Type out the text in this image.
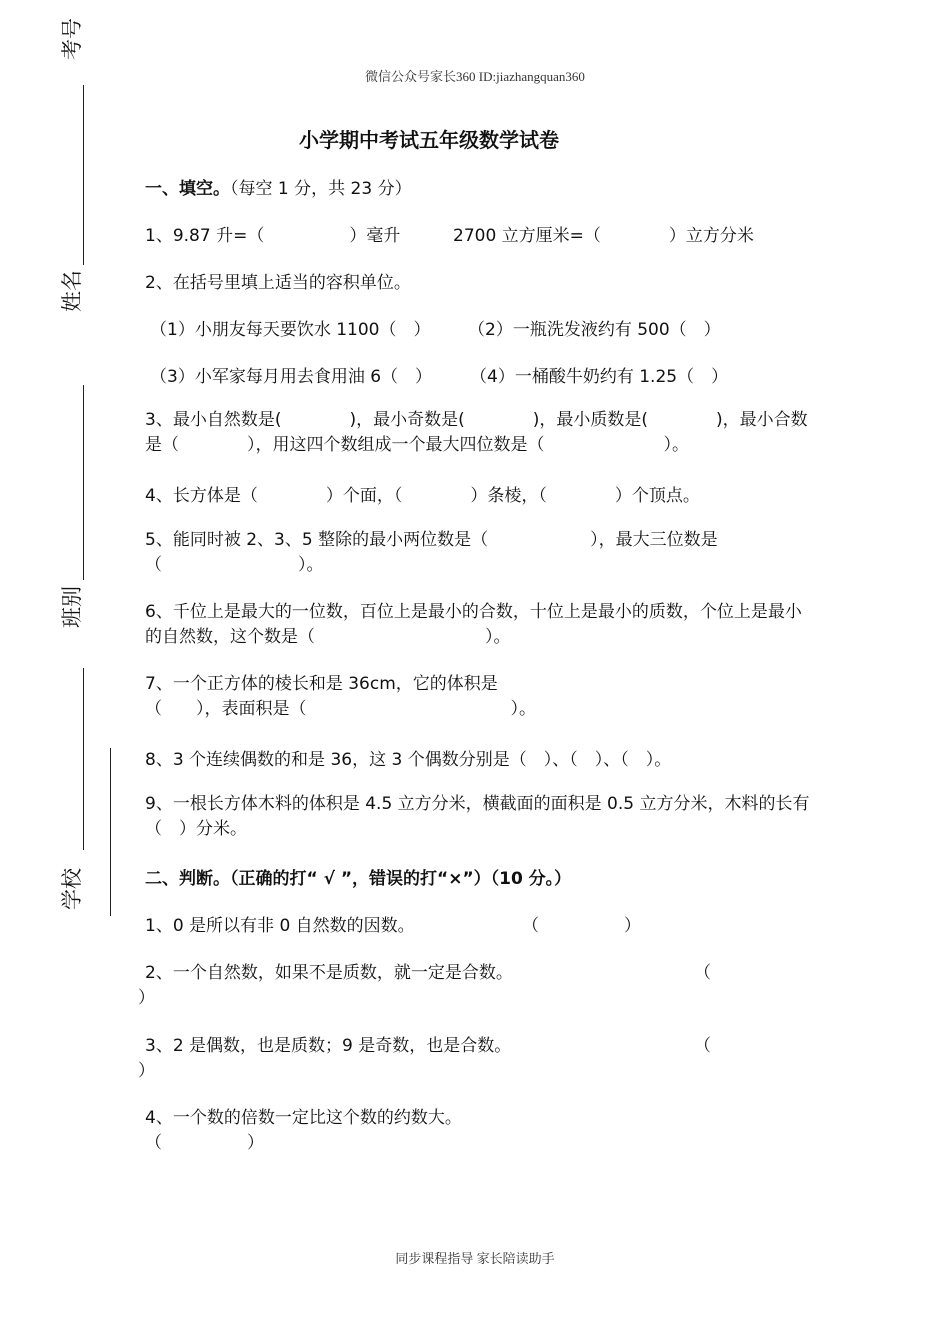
考号
姓名
班别
学校
微信公众号家长360 ID:jiazhangquan360
同步课程指导 家长陪读助手
小学期中考试五年级数学试卷
一、填空。（每空 1 分，共 23 分）
1、9.87 升=（　　　　　）毫升	2700 立方厘米=（　　　　）立方分米
2、在括号里填上适当的容积单位。
（1）小朋友每天要饮水 1100（　） （2）一瓶洗发液约有 500（　）
（3）小军家每月用去食用油 6（　） （4）一桶酸牛奶约有 1.25（　）
3、最小自然数是(　　　　)，最小奇数是(　　　　)，最小质数是(　　　　)，最小合数是（　　　　），用这四个数组成一个最大四位数是（　　　　　　　）。
4、长方体是（　　　　）个面，（　　　　）条棱，（　　　　）个顶点。
5、能同时被 2、3、5 整除的最小两位数是（　　　　　　），最大三位数是（　　　　　　　　）。
6、千位上是最大的一位数，百位上是最小的合数，十位上是最小的质数，个位上是最小的自然数，这个数是（　　　　　　　　　　）。
7、一个正方体的棱长和是 36cm，它的体积是（　　），表面积是（　　　　　　　　　　　　）。
8、3 个连续偶数的和是 36，这 3 个偶数分别是（　）、（　）、（　）。
9、一根长方体木料的体积是 4.5 立方分米，横截面的面积是 0.5 立方分米，木料的长有（　）分米。
二、判断。（正确的打“ √ ”，错误的打“×”）（10 分。）
1、0 是所以有非 0 自然数的因数。	（　　　　　）
2、一个自然数，如果不是质数，就一定是合数。	（
）
3、2 是偶数，也是质数；9 是奇数，也是合数。	（
）
4、一个数的倍数一定比这个数的约数大。
（　　　　　）
